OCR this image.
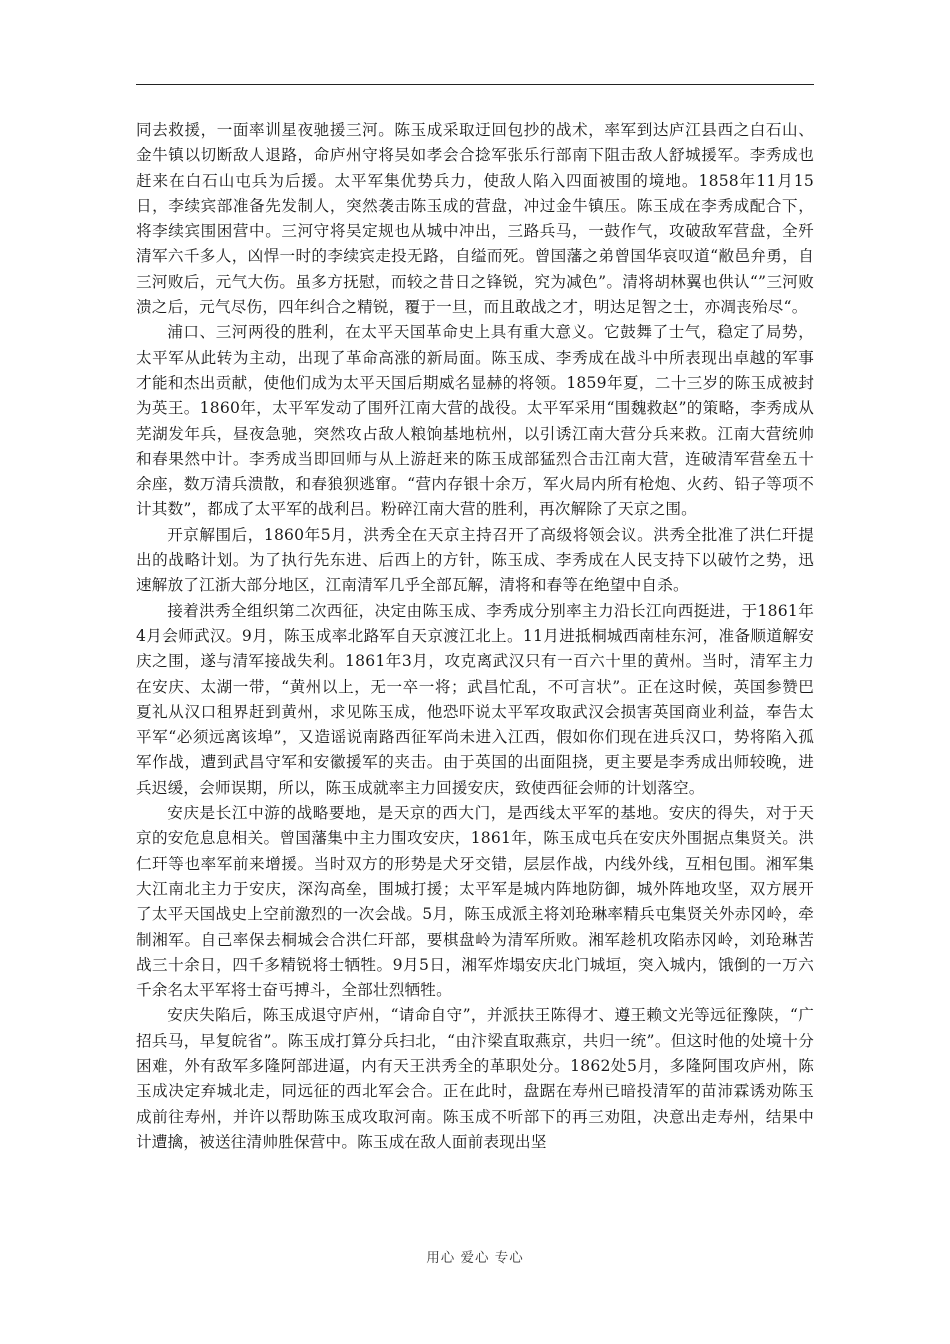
同去救援，一面率训星夜驰援三河。陈玉成采取迂回包抄的战术，率军到达庐江县西之白石山、金牛镇以切断敌人退路，命庐州守将吴如孝会合捻军张乐行部南下阻击敌人舒城援军。李秀成也赶来在白石山屯兵为后援。太平军集优势兵力，使敌人陷入四面被围的境地。1858年11月15日，李续宾部准备先发制人，突然袭击陈玉成的营盘，冲过金牛镇压。陈玉成在李秀成配合下，将李续宾围困营中。三河守将吴定规也从城中冲出，三路兵马，一鼓作气，攻破敌军营盘，全歼清军六千多人，凶悍一时的李续宾走投无路，自缢而死。曾国藩之弟曾国华哀叹道“敝邑弁勇，自三河败后，元气大伤。虽多方抚慰，而较之昔日之锋锐，究为减色”。清将胡林翼也供认“”三河败溃之后，元气尽伤，四年纠合之精锐，覆于一旦，而且敢战之才，明达足智之士，亦凋丧殆尽“。

浦口、三河两役的胜利，在太平天国革命史上具有重大意义。它鼓舞了士气，稳定了局势，太平军从此转为主动，出现了革命高涨的新局面。陈玉成、李秀成在战斗中所表现出卓越的军事才能和杰出贡献，使他们成为太平天国后期威名显赫的将领。1859年夏，二十三岁的陈玉成被封为英王。1860年，太平军发动了围歼江南大营的战役。太平军采用“围魏救赵”的策略，李秀成从芜湖发年兵，昼夜急驰，突然攻占敌人粮饷基地杭州，以引诱江南大营分兵来救。江南大营统帅和春果然中计。李秀成当即回师与从上游赶来的陈玉成部猛烈合击江南大营，连破清军营垒五十余座，数万清兵溃散，和春狼狈逃窜。“营内存银十余万，军火局内所有枪炮、火药、铅子等项不计其数”，都成了太平军的战利吕。粉碎江南大营的胜利，再次解除了天京之围。

开京解围后，1860年5月，洪秀全在天京主持召开了高级将领会议。洪秀全批准了洪仁玕提出的战略计划。为了执行先东进、后西上的方针，陈玉成、李秀成在人民支持下以破竹之势，迅速解放了江浙大部分地区，江南清军几乎全部瓦解，清将和春等在绝望中自杀。

接着洪秀全组织第二次西征，决定由陈玉成、李秀成分别率主力沿长江向西挺进，于1861年4月会师武汉。9月，陈玉成率北路军自天京渡江北上。11月进抵桐城西南桂东河，准备顺道解安庆之围，遂与清军接战失利。1861年3月，攻克离武汉只有一百六十里的黄州。当时，清军主力在安庆、太湖一带，“黄州以上，无一卒一将；武昌忙乱，不可言状”。正在这时候，英国参赞巴夏礼从汉口租界赶到黄州，求见陈玉成，他恐吓说太平军攻取武汉会损害英国商业利益，奉告太平军“必须远离该埠”，又造谣说南路西征军尚未进入江西，假如你们现在进兵汉口，势将陷入孤军作战，遭到武昌守军和安徽援军的夹击。由于英国的出面阻挠，更主要是李秀成出师较晚，进兵迟缓，会师误期，所以，陈玉成就率主力回援安庆，致使西征会师的计划落空。

安庆是长江中游的战略要地，是天京的西大门，是西线太平军的基地。安庆的得失，对于天京的安危息息相关。曾国藩集中主力围攻安庆，1861年，陈玉成屯兵在安庆外围据点集贤关。洪仁玕等也率军前来增援。当时双方的形势是犬牙交错，层层作战，内线外线，互相包围。湘军集大江南北主力于安庆，深沟高垒，围城打援；太平军是城内阵地防御，城外阵地攻坚，双方展开了太平天国战史上空前激烈的一次会战。5月，陈玉成派主将刘玱琳率精兵屯集贤关外赤冈岭，牵制湘军。自己率保去桐城会合洪仁玕部，要棋盘岭为清军所败。湘军趁机攻陷赤冈岭，刘玱琳苦战三十余日，四千多精锐将士牺牲。9月5日，湘军炸塌安庆北门城垣，突入城内，饿倒的一万六千余名太平军将士奋丐搏斗，全部壮烈牺牲。

安庆失陷后，陈玉成退守庐州，“请命自守”，并派扶王陈得才、遵王赖文光等远征豫陕，“广招兵马，早复皖省”。陈玉成打算分兵扫北，“由汴梁直取燕京，共归一统”。但这时他的处境十分困难，外有敌军多隆阿部进逼，内有天王洪秀全的革职处分。1862处5月，多隆阿围攻庐州，陈玉成决定弃城北走，同远征的西北军会合。正在此时，盘踞在寿州已暗投清军的苗沛霖诱劝陈玉成前往寿州，并许以帮助陈玉成攻取河南。陈玉成不听部下的再三劝阻，决意出走寿州，结果中计遭擒，被送往清帅胜保营中。陈玉成在敌人面前表现出坚

用心 爱心 专心
